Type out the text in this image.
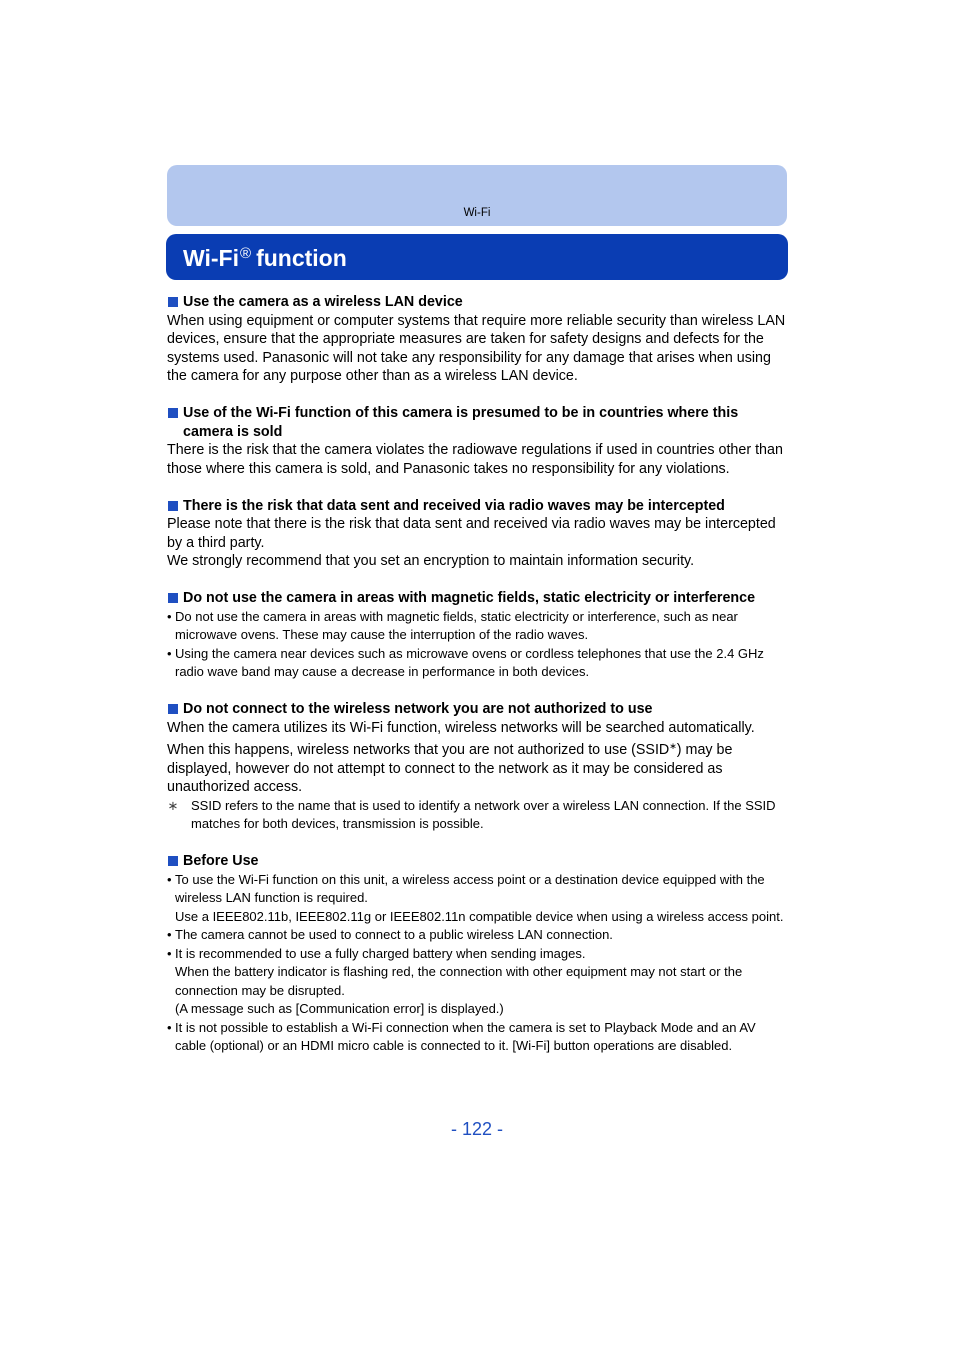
Wi-Fi
Wi-Fi® function
Use the camera as a wireless LAN device
When using equipment or computer systems that require more reliable security than wireless LAN devices, ensure that the appropriate measures are taken for safety designs and defects for the systems used. Panasonic will not take any responsibility for any damage that arises when using the camera for any purpose other than as a wireless LAN device.
Use of the Wi-Fi function of this camera is presumed to be in countries where this camera is sold
There is the risk that the camera violates the radiowave regulations if used in countries other than those where this camera is sold, and Panasonic takes no responsibility for any violations.
There is the risk that data sent and received via radio waves may be intercepted
Please note that there is the risk that data sent and received via radio waves may be intercepted by a third party.
We strongly recommend that you set an encryption to maintain information security.
Do not use the camera in areas with magnetic fields, static electricity or interference
• Do not use the camera in areas with magnetic fields, static electricity or interference, such as near microwave ovens. These may cause the interruption of the radio waves.
• Using the camera near devices such as microwave ovens or cordless telephones that use the 2.4 GHz radio wave band may cause a decrease in performance in both devices.
Do not connect to the wireless network you are not authorized to use
When the camera utilizes its Wi-Fi function, wireless networks will be searched automatically. When this happens, wireless networks that you are not authorized to use (SSID∗) may be displayed, however do not attempt to connect to the network as it may be considered as unauthorized access.
∗ SSID refers to the name that is used to identify a network over a wireless LAN connection. If the SSID matches for both devices, transmission is possible.
Before Use
• To use the Wi-Fi function on this unit, a wireless access point or a destination device equipped with the wireless LAN function is required.
Use a IEEE802.11b, IEEE802.11g or IEEE802.11n compatible device when using a wireless access point.
• The camera cannot be used to connect to a public wireless LAN connection.
• It is recommended to use a fully charged battery when sending images.
When the battery indicator is flashing red, the connection with other equipment may not start or the connection may be disrupted.
(A message such as [Communication error] is displayed.)
• It is not possible to establish a Wi-Fi connection when the camera is set to Playback Mode and an AV cable (optional) or an HDMI micro cable is connected to it. [Wi-Fi] button operations are disabled.
- 122 -
